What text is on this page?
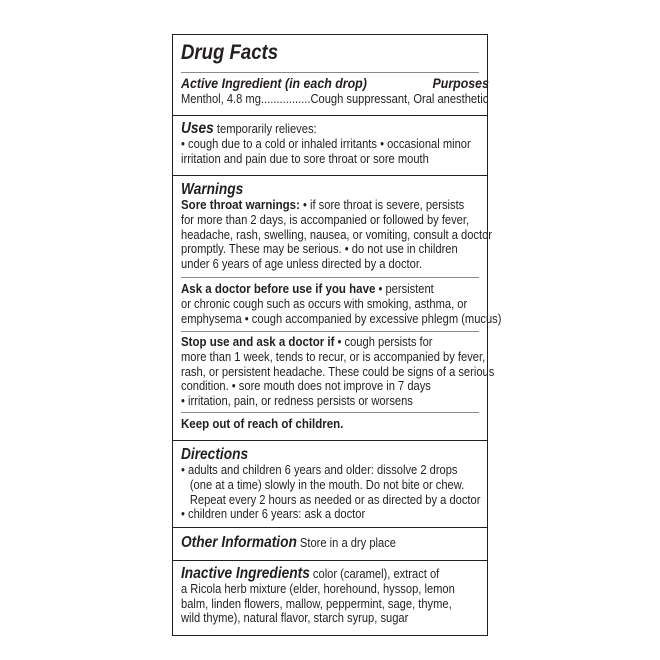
Drug Facts
Active Ingredient (in each drop)	Purposes
Menthol, 4.8 mg................Cough suppressant, Oral anesthetic
Uses temporarily relieves:
• cough due to a cold or inhaled irritants • occasional minor
irritation and pain due to sore throat or sore mouth
Warnings
Sore throat warnings: • if sore throat is severe, persists
for more than 2 days, is accompanied or followed by fever,
headache, rash, swelling, nausea, or vomiting, consult a doctor
promptly. These may be serious. • do not use in children
under 6 years of age unless directed by a doctor.
Ask a doctor before use if you have • persistent
or chronic cough such as occurs with smoking, asthma, or
emphysema • cough accompanied by excessive phlegm (mucus)
Stop use and ask a doctor if • cough persists for
more than 1 week, tends to recur, or is accompanied by fever,
rash, or persistent headache. These could be signs of a serious
condition. • sore mouth does not improve in 7 days
• irritation, pain, or redness persists or worsens
Keep out of reach of children.
Directions
• adults and children 6 years and older: dissolve 2 drops
(one at a time) slowly in the mouth. Do not bite or chew.
Repeat every 2 hours as needed or as directed by a doctor
• children under 6 years: ask a doctor
Other Information Store in a dry place
Inactive Ingredients color (caramel), extract of
a Ricola herb mixture (elder, horehound, hyssop, lemon
balm, linden flowers, mallow, peppermint, sage, thyme,
wild thyme), natural flavor, starch syrup, sugar
